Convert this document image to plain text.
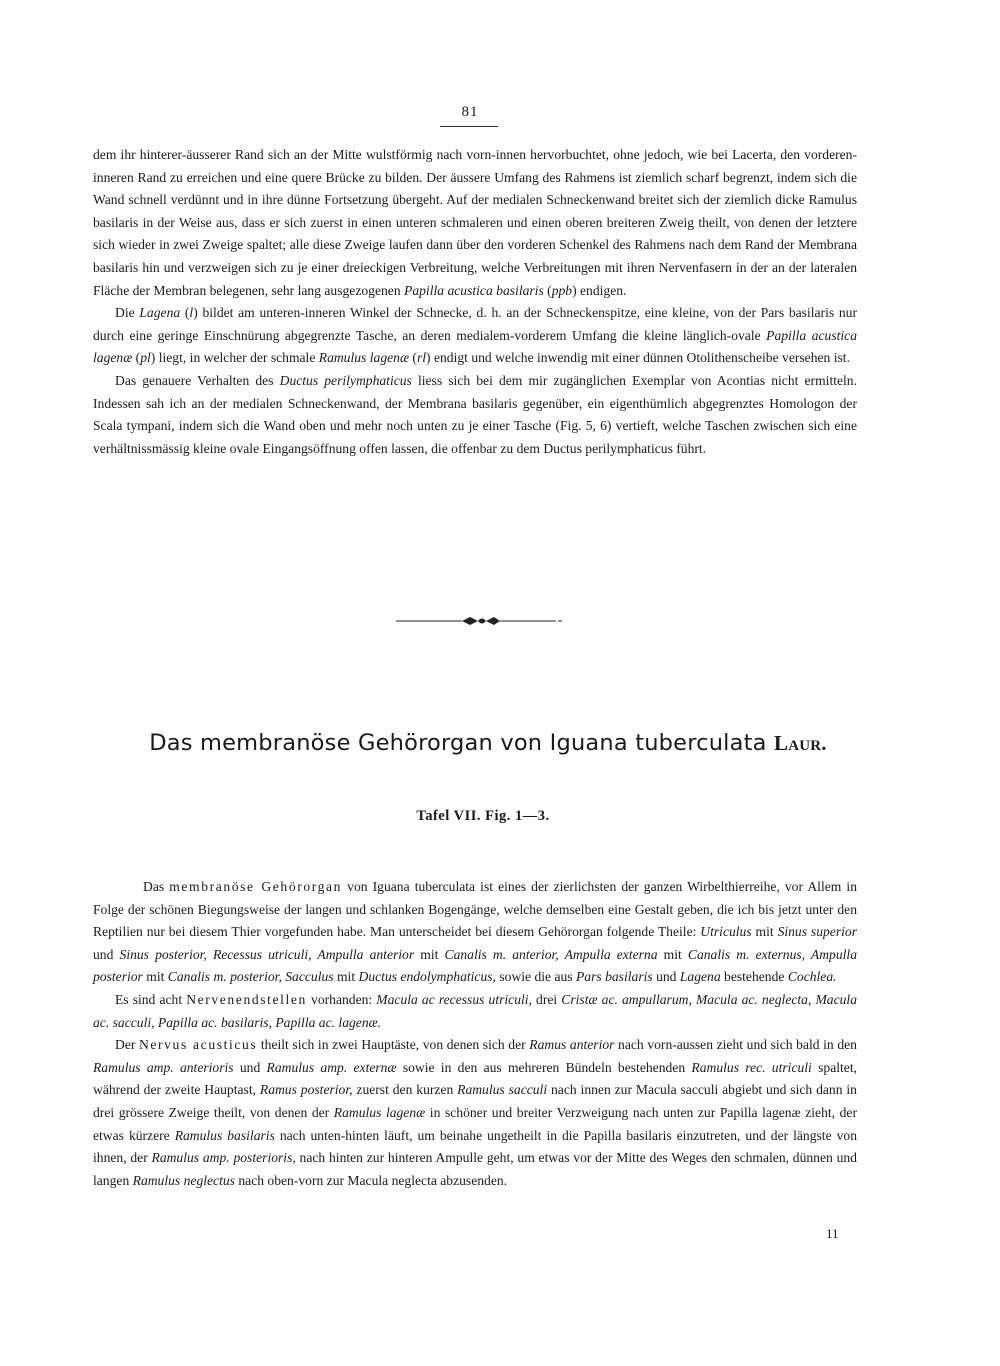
81

dem ihr hinterer-äusserer Rand sich an der Mitte wulstförmig nach vorn-innen hervorbuchtet, ohne jedoch, wie bei Lacerta, den vorderen-inneren Rand zu erreichen und eine quere Brücke zu bilden. Der äussere Umfang des Rahmens ist ziemlich scharf begrenzt, indem sich die Wand schnell verdünnt und in ihre dünne Fortsetzung übergeht. Auf der medialen Schneckenwand breitet sich der ziemlich dicke Ramulus basilaris in der Weise aus, dass er sich zuerst in einen unteren schmaleren und einen oberen breiteren Zweig theilt, von denen der letztere sich wieder in zwei Zweige spaltet; alle diese Zweige laufen dann über den vorderen Schenkel des Rahmens nach dem Rand der Membrana basilaris hin und verzweigen sich zu je einer dreieckigen Verbreitung, welche Verbreitungen mit ihren Nervenfasern in der an der lateralen Fläche der Membran belegenen, sehr lang ausgezogenen Papilla acustica basilaris (ppb) endigen.

Die Lagena (l) bildet am unteren-inneren Winkel der Schnecke, d. h. an der Schneckenspitze, eine kleine, von der Pars basilaris nur durch eine geringe Einschnürung abgegrenzte Tasche, an deren medialem-vorderem Umfang die kleine länglich-ovale Papilla acustica lagenæ (pl) liegt, in welcher der schmale Ramulus lagenæ (rl) endigt und welche inwendig mit einer dünnen Otolithenscheibe versehen ist.

Das genauere Verhalten des Ductus perilymphaticus liess sich bei dem mir zugänglichen Exemplar von Acontias nicht ermitteln. Indessen sah ich an der medialen Schneckenwand, der Membrana basilaris gegenüber, ein eigenthümlich abgegrenztes Homologon der Scala tympani, indem sich die Wand oben und mehr noch unten zu je einer Tasche (Fig. 5, 6) vertieft, welche Taschen zwischen sich eine verhältnissmässig kleine ovale Eingangsöffnung offen lassen, die offenbar zu dem Ductus perilymphaticus führt.

Das membranöse Gehörorgan von Iguana tuberculata Laur.
Tafel VII. Fig. 1—3.

Das membranöse Gehörorgan von Iguana tuberculata ist eines der zierlichsten der ganzen Wirbelthierreihe, vor Allem in Folge der schönen Biegungsweise der langen und schlanken Bogengänge, welche demselben eine Gestalt geben, die ich bis jetzt unter den Reptilien nur bei diesem Thier vorgefunden habe. Man unterscheidet bei diesem Gehörorgan folgende Theile: Utriculus mit Sinus superior und Sinus posterior, Recessus utriculi, Ampulla anterior mit Canalis m. anterior, Ampulla externa mit Canalis m. externus, Ampulla posterior mit Canalis m. posterior, Sacculus mit Ductus endolymphaticus, sowie die aus Pars basilaris und Lagena bestehende Cochlea.

Es sind acht Nervenendstellen vorhanden: Macula ac recessus utriculi, drei Cristæ ac. ampullarum, Macula ac. neglecta, Macula ac. sacculi, Papilla ac. basilaris, Papilla ac. lagenæ.

Der Nervus acusticus theilt sich in zwei Hauptäste, von denen sich der Ramus anterior nach vorn-aussen zieht und sich bald in den Ramulus amp. anterioris und Ramulus amp. externæ sowie in den aus mehreren Bündeln bestehenden Ramulus rec. utriculi spaltet, während der zweite Hauptast, Ramus posterior, zuerst den kurzen Ramulus sacculi nach innen zur Macula sacculi abgiebt und sich dann in drei grössere Zweige theilt, von denen der Ramulus lagenæ in schöner und breiter Verzweigung nach unten zur Papilla lagenæ zieht, der etwas kürzere Ramulus basilaris nach unten-hinten läuft, um beinahe ungetheilt in die Papilla basilaris einzutreten, und der längste von ihnen, der Ramulus amp. posterioris, nach hinten zur hinteren Ampulle geht, um etwas vor der Mitte des Weges den schmalen, dünnen und langen Ramulus neglectus nach oben-vorn zur Macula neglecta abzusenden.

11
